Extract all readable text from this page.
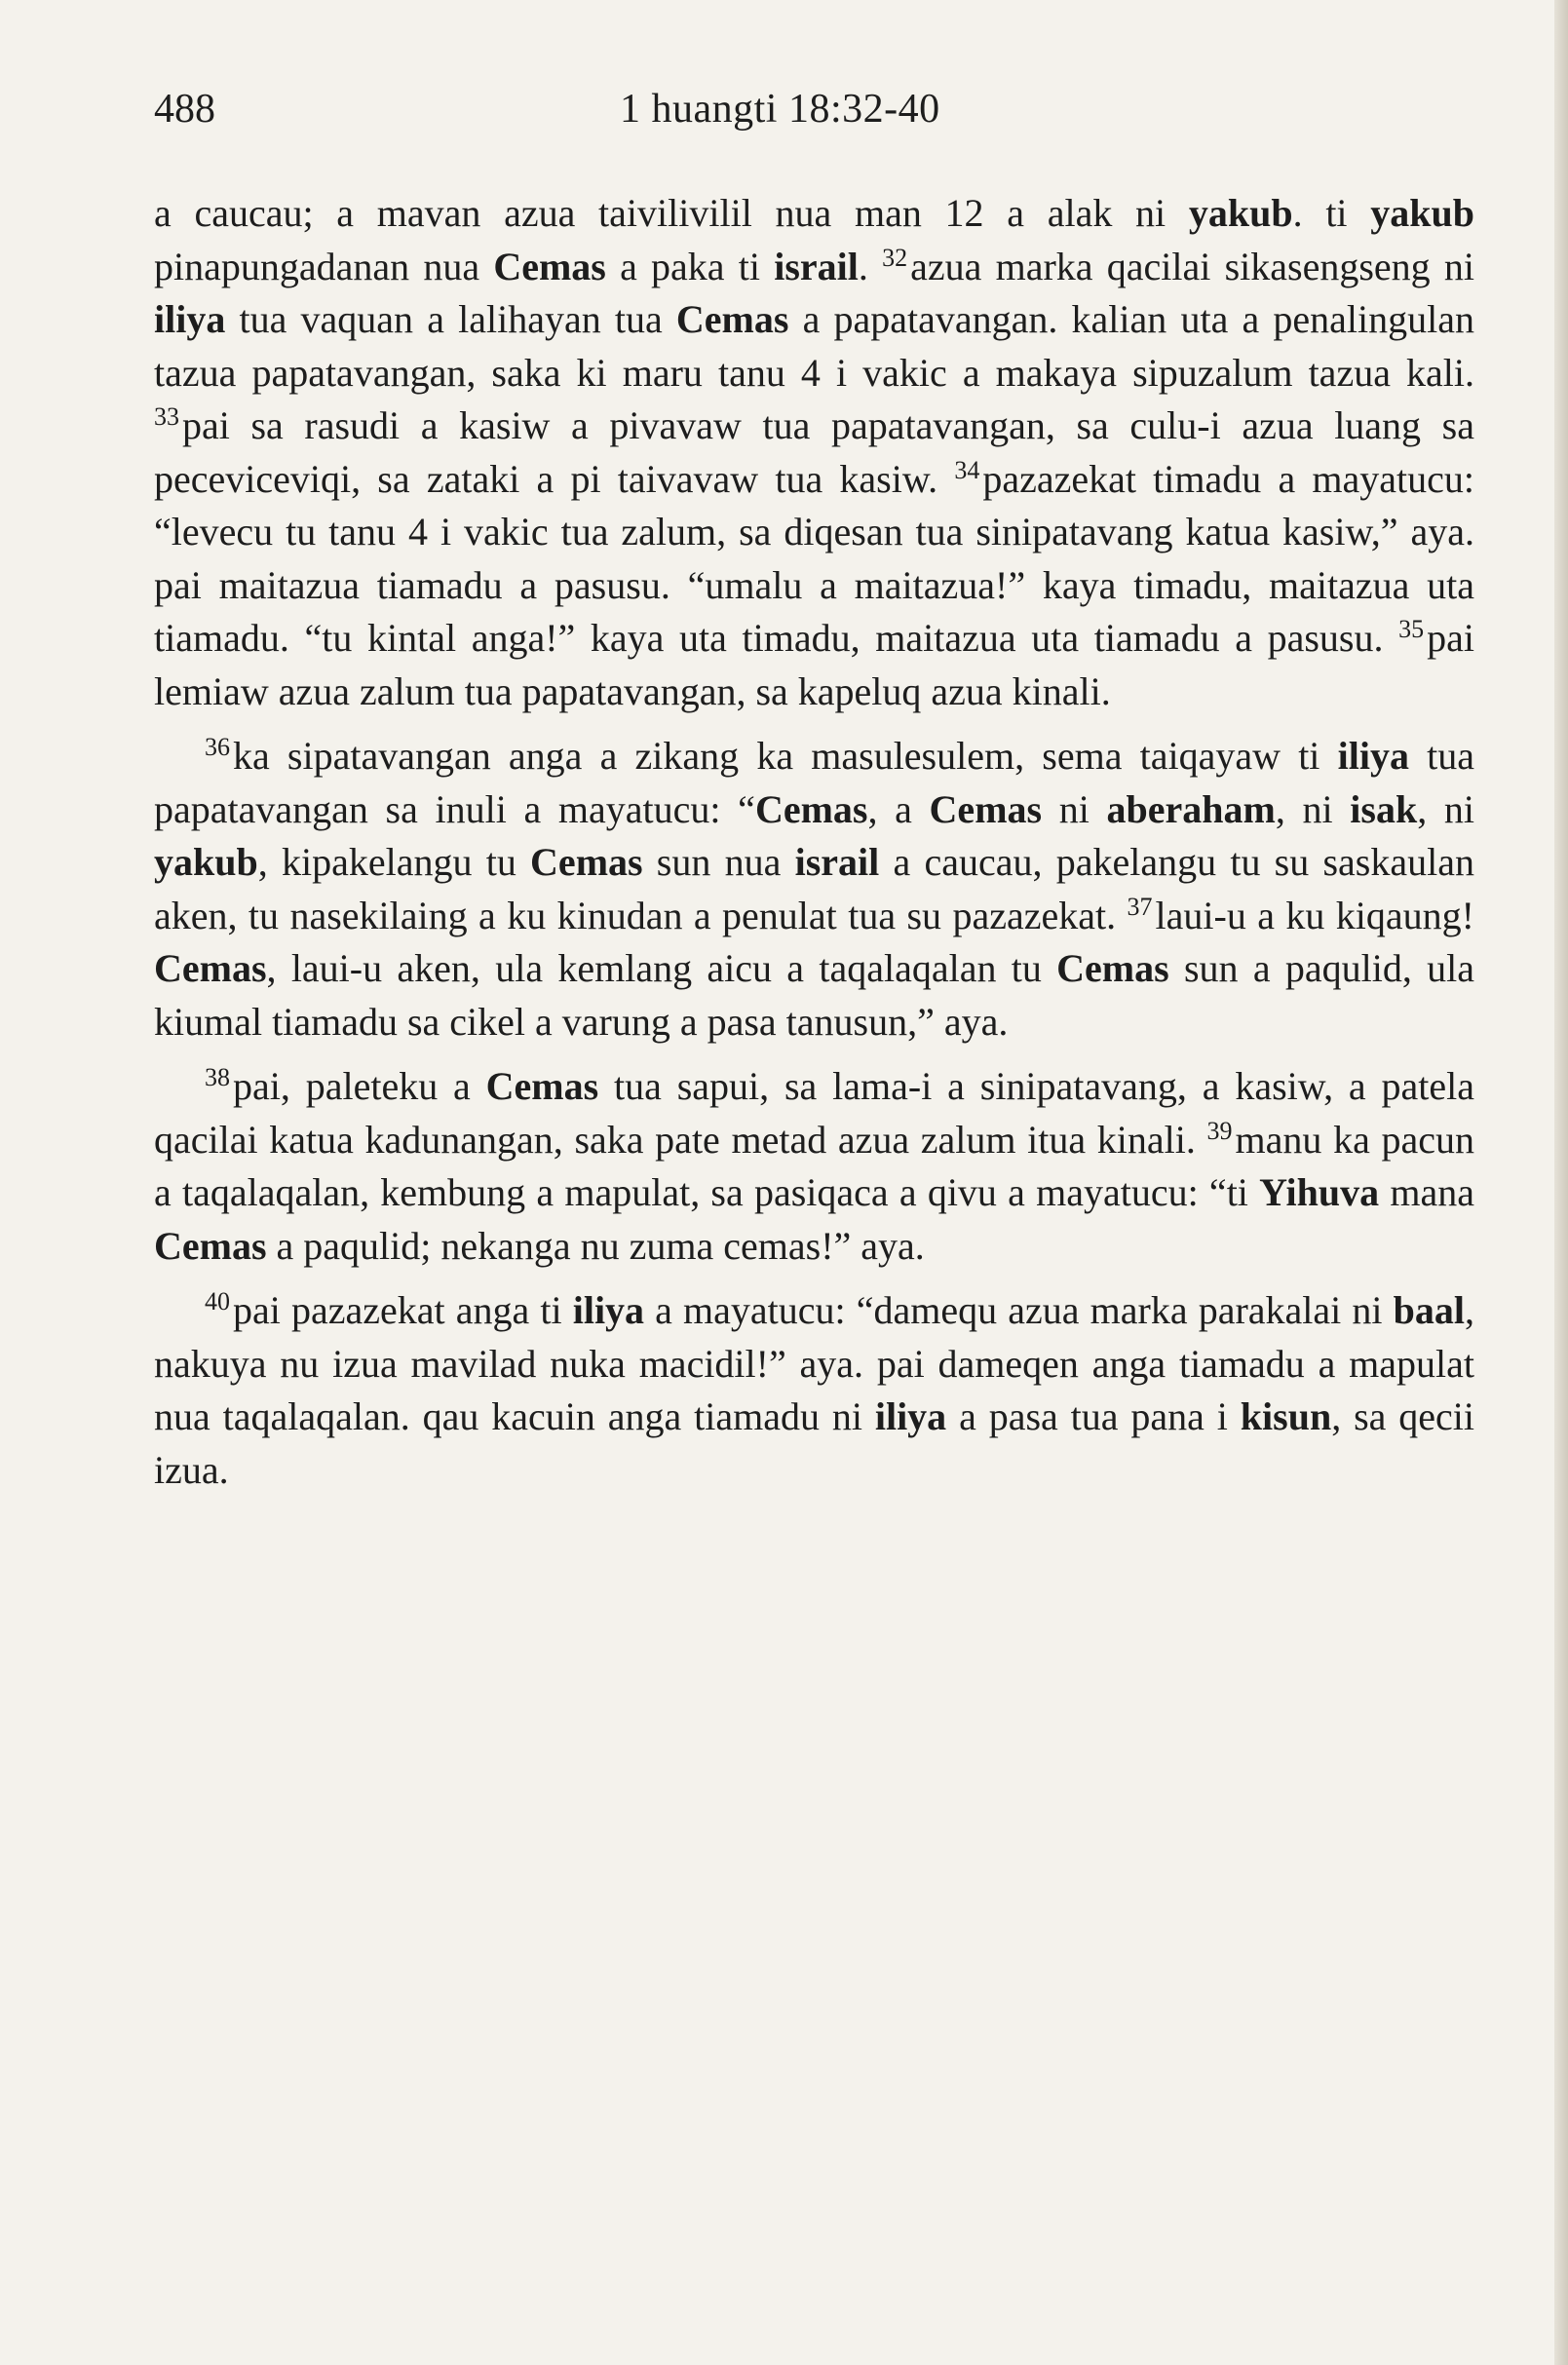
488	1 huangti 18:32-40

a caucau; a mavan azua taivilivilil nua man 12 a alak ni yakub. ti yakub pinapungadanan nua Cemas a paka ti israil. $^{32}$azua marka qacilai sikasengseng ni iliya tua vaquan a lalihayan tua Cemas a papatavangan. kalian uta a penalingulan tazua papatavangan, saka ki maru tanu 4 i vakic a makaya sipuzalum tazua kali. $^{33}$pai sa rasudi a kasiw a pivavaw tua papatavangan, sa culu-i azua luang sa peceviceviqi, sa zataki a pi taivavaw tua kasiw. $^{34}$pazazekat timadu a mayatucu: “levecu tu tanu 4 i vakic tua zalum, sa diqesan tua sinipatavang katua kasiw,” aya. pai maitazua tiamadu a pasusu. “umalu a maitazua!” kaya timadu, maitazua uta tiamadu. “tu kintal anga!” kaya uta timadu, maitazua uta tiamadu a pasusu. $^{35}$pai lemiaw azua zalum tua papatavangan, sa kapeluq azua kinali.

$^{36}$ka sipatavangan anga a zikang ka masulesulem, sema taiqayaw ti iliya tua papatavangan sa inuli a mayatucu: “Cemas, a Cemas ni aberaham, ni isak, ni yakub, kipakelangu tu Cemas sun nua israil a caucau, pakelangu tu su saskaulan aken, tu nasekilaing a ku kinudan a penulat tua su pazazekat. $^{37}$laui-u a ku kiqaung! Cemas, laui-u aken, ula kemlang aicu a taqalaqalan tu Cemas sun a paqulid, ula kiumal tiamadu sa cikel a varung a pasa tanusun,” aya.

$^{38}$pai, paleteku a Cemas tua sapui, sa lama-i a sinipatavang, a kasiw, a patela qacilai katua kadunangan, saka pate metad azua zalum itua kinali. $^{39}$manu ka pacun a taqalaqalan, kembung a mapulat, sa pasiqaca a qivu a mayatucu: “ti Yihuva mana Cemas a paqulid; nekanga nu zuma cemas!” aya.

$^{40}$pai pazazekat anga ti iliya a mayatucu: “damequ azua marka parakalai ni baal, nakuya nu izua mavilad nuka macidil!” aya. pai dameqen anga tiamadu a mapulat nua taqalaqalan. qau kacuin anga tiamadu ni iliya a pasa tua pana i kisun, sa qecii izua.
